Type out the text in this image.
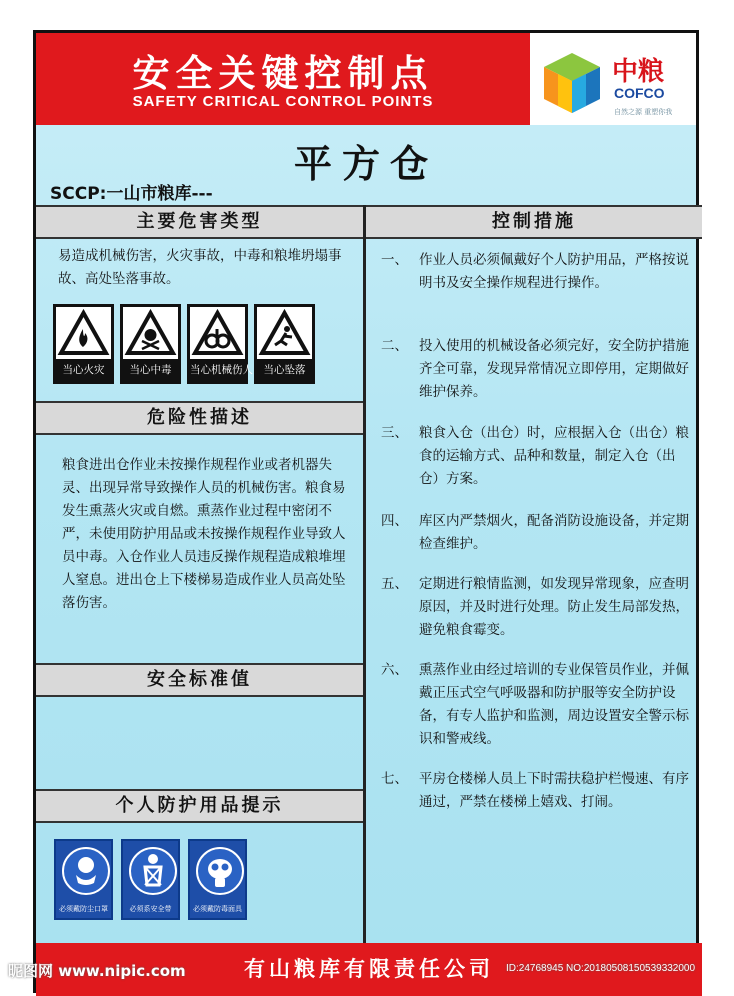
安全关键控制点
SAFETY CRITICAL CONTROL POINTS
中粮
COFCO
自然之源 重塑你我
平方仓
SCCP:一山市粮库---
主要危害类型
易造成机械伤害，火灾事故，中毒和粮堆坍塌事故、高处坠落事故。
当心火灾	当心中毒	当心机械伤人	当心坠落
危险性描述
粮食进出仓作业未按操作规程作业或者机器失灵、出现异常导致操作人员的机械伤害。粮食易发生熏蒸火灾或自燃。熏蒸作业过程中密闭不严，未使用防护用品或未按操作规程作业导致人员中毒。入仓作业人员违反操作规程造成粮堆埋人窒息。进出仓上下楼梯易造成作业人员高处坠落伤害。
安全标准值
个人防护用品提示
必须戴防尘口罩	必须系安全带	必须戴防毒面具
控制措施
一、 作业人员必须佩戴好个人防护用品，严格按说明书及安全操作规程进行操作。
二、 投入使用的机械设备必须完好，安全防护措施齐全可靠，发现异常情况立即停用，定期做好维护保养。
三、 粮食入仓（出仓）时，应根据入仓（出仓）粮食的运输方式、品种和数量，制定入仓（出仓）方案。
四、 库区内严禁烟火，配备消防设施设备，并定期检查维护。
五、 定期进行粮情监测，如发现异常现象，应查明原因，并及时进行处理。防止发生局部发热，避免粮食霉变。
六、 熏蒸作业由经过培训的专业保管员作业，并佩戴正压式空气呼吸器和防护服等安全防护设备，有专人监护和监测，周边设置安全警示标识和警戒线。
七、 平房仓楼梯人员上下时需扶稳护栏慢速、有序通过，严禁在楼梯上嬉戏、打闹。
有山粮库有限责任公司
昵图网 www.nipic.com	ID:24768945 NO:20180508150539332000
